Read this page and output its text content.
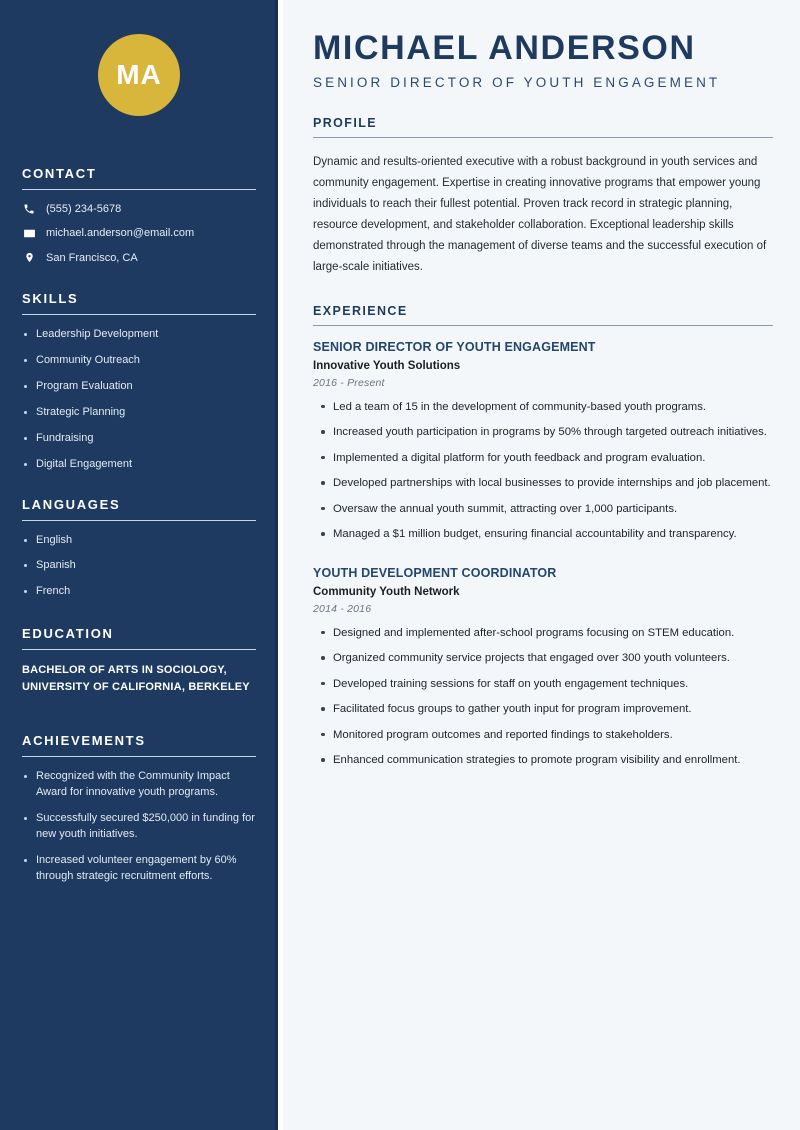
MA
CONTACT
(555) 234-5678
michael.anderson@email.com
San Francisco, CA
SKILLS
Leadership Development
Community Outreach
Program Evaluation
Strategic Planning
Fundraising
Digital Engagement
LANGUAGES
English
Spanish
French
EDUCATION
BACHELOR OF ARTS IN SOCIOLOGY, UNIVERSITY OF CALIFORNIA, BERKELEY
ACHIEVEMENTS
Recognized with the Community Impact Award for innovative youth programs.
Successfully secured $250,000 in funding for new youth initiatives.
Increased volunteer engagement by 60% through strategic recruitment efforts.
MICHAEL ANDERSON
SENIOR DIRECTOR OF YOUTH ENGAGEMENT
PROFILE

Dynamic and results-oriented executive with a robust background in youth services and community engagement. Expertise in creating innovative programs that empower young individuals to reach their fullest potential. Proven track record in strategic planning, resource development, and stakeholder collaboration. Exceptional leadership skills demonstrated through the management of diverse teams and the successful execution of large-scale initiatives.

EXPERIENCE
SENIOR DIRECTOR OF YOUTH ENGAGEMENT
Innovative Youth Solutions
2016 - Present
Led a team of 15 in the development of community-based youth programs.
Increased youth participation in programs by 50% through targeted outreach initiatives.
Implemented a digital platform for youth feedback and program evaluation.
Developed partnerships with local businesses to provide internships and job placement.
Oversaw the annual youth summit, attracting over 1,000 participants.
Managed a $1 million budget, ensuring financial accountability and transparency.
YOUTH DEVELOPMENT COORDINATOR
Community Youth Network
2014 - 2016
Designed and implemented after-school programs focusing on STEM education.
Organized community service projects that engaged over 300 youth volunteers.
Developed training sessions for staff on youth engagement techniques.
Facilitated focus groups to gather youth input for program improvement.
Monitored program outcomes and reported findings to stakeholders.
Enhanced communication strategies to promote program visibility and enrollment.
